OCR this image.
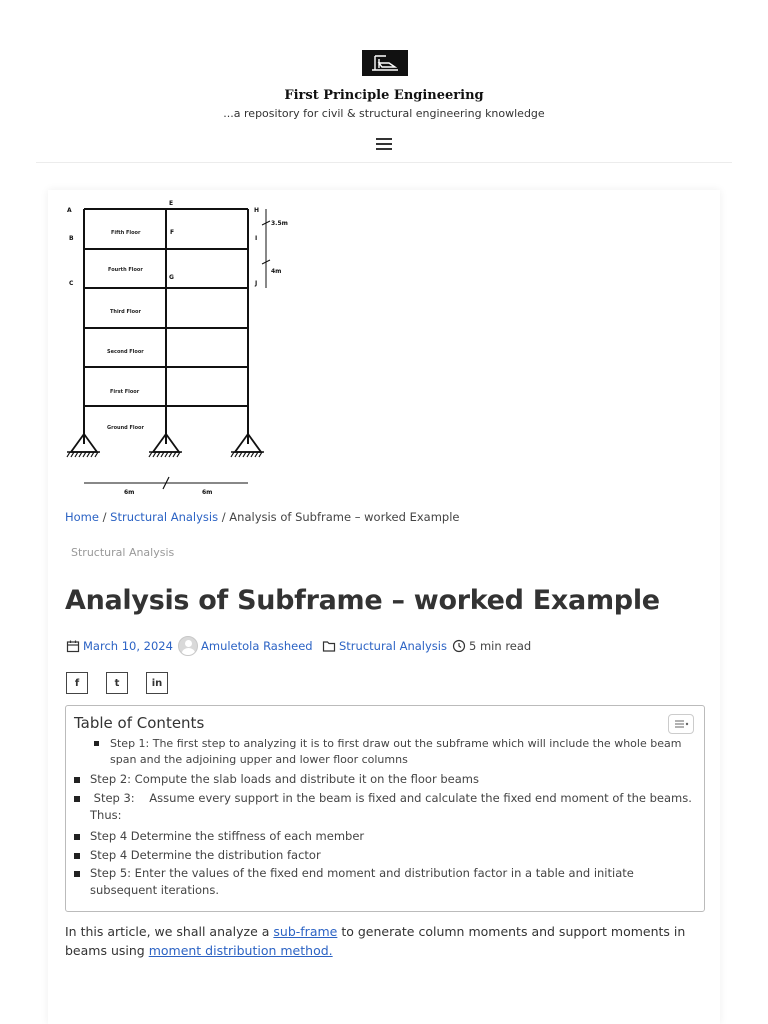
First Principle Engineering
...a repository for civil & structural engineering knowledge
A
E
H
B
F
I
C
G
J
Fifth Floor
Fourth Floor
Third Floor
Second Floor
First Floor
Ground Floor
3.5m
4m
6m	6m
Home / Structural Analysis / Analysis of Subframe – worked Example
Structural Analysis
Analysis of Subframe – worked Example
March 10, 2024 Amuletola Rasheed Structural Analysis 5 min read
f	t	in
Table of Contents
Step 1: The first step to analyzing it is to first draw out the subframe which will include the whole beam
span and the adjoining upper and lower floor columns
Step 2: Compute the slab loads and distribute it on the floor beams
Step 3:    Assume every support in the beam is fixed and calculate the fixed end moment of the beams.
Thus:
Step 4 Determine the stiffness of each member
Step 4 Determine the distribution factor
Step 5: Enter the values of the fixed end moment and distribution factor in a table and initiate
subsequent iterations.

In this article, we shall analyze a sub-frame to generate column moments and support moments in beams using moment distribution method.
